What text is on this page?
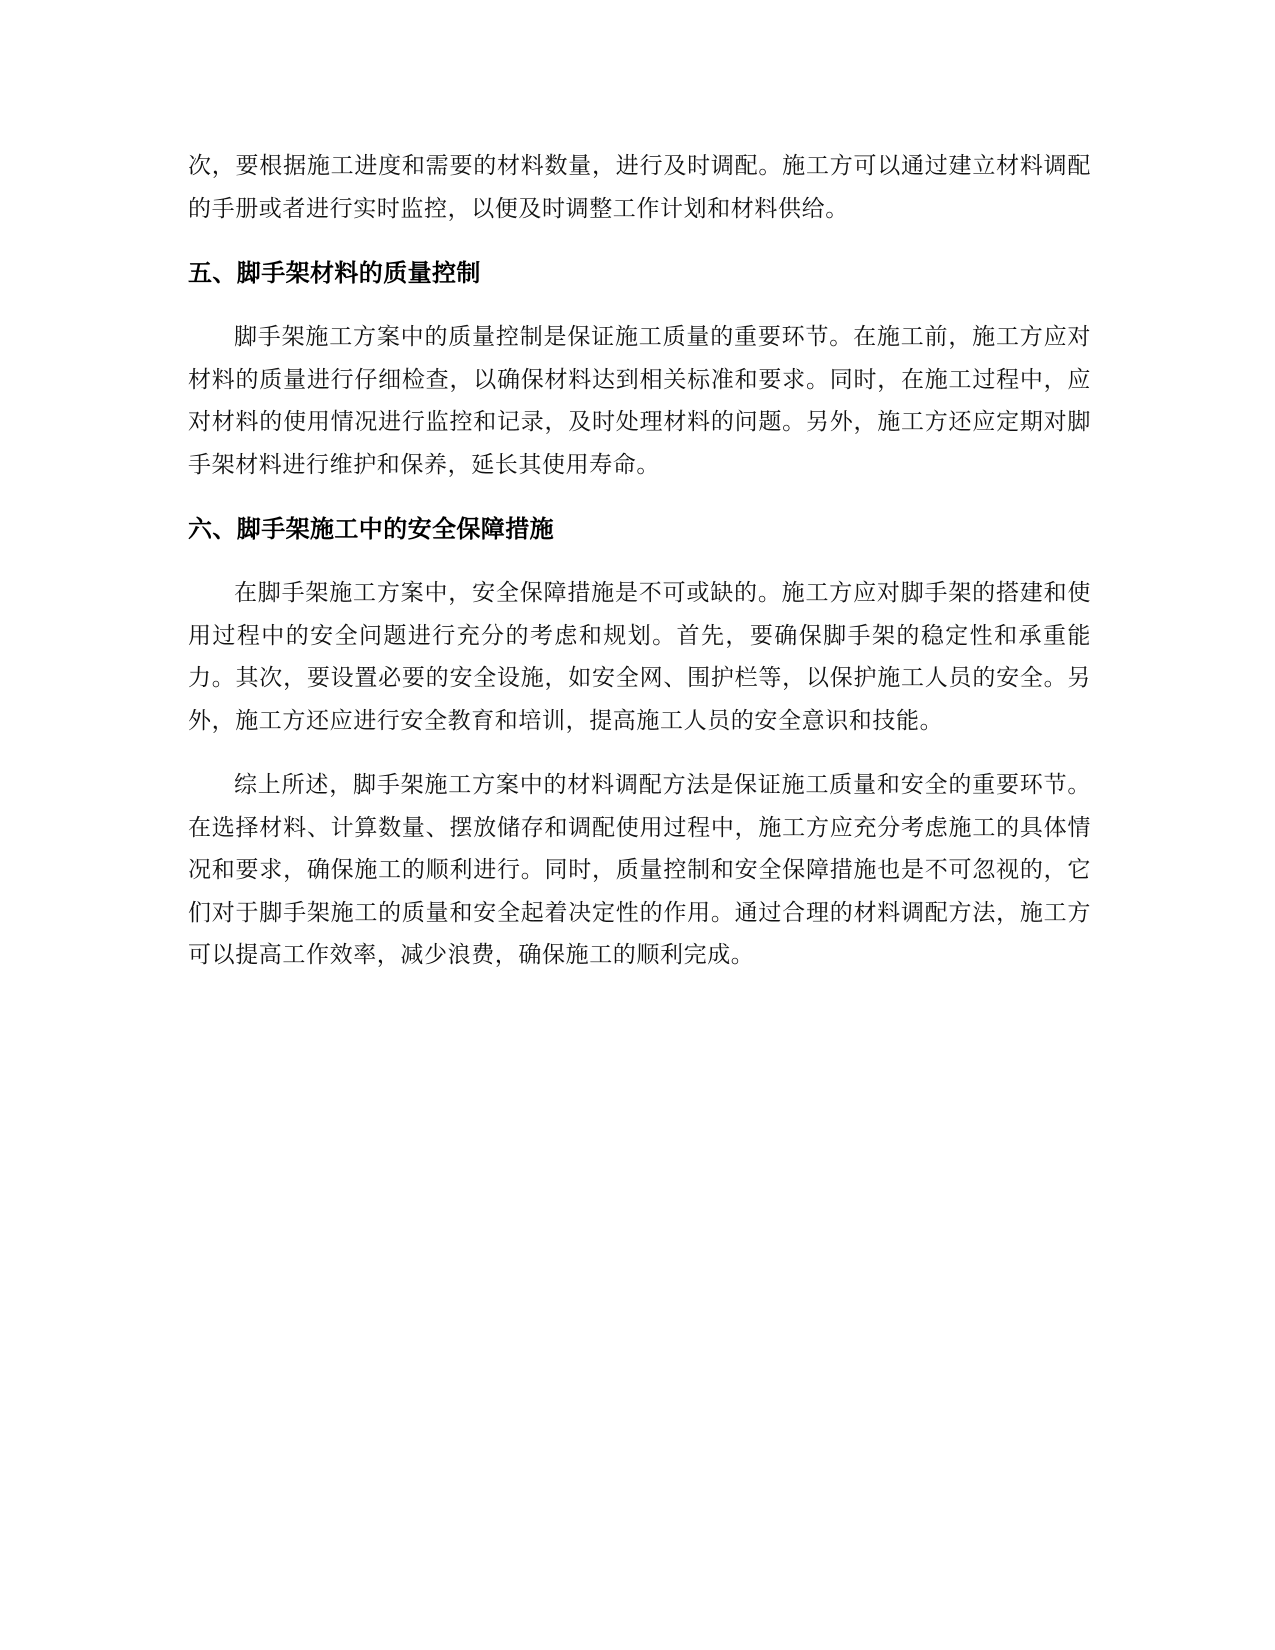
次，要根据施工进度和需要的材料数量，进行及时调配。施工方可以通过建立材料调配的手册或者进行实时监控，以便及时调整工作计划和材料供给。

五、脚手架材料的质量控制

脚手架施工方案中的质量控制是保证施工质量的重要环节。在施工前，施工方应对材料的质量进行仔细检查，以确保材料达到相关标准和要求。同时，在施工过程中，应对材料的使用情况进行监控和记录，及时处理材料的问题。另外，施工方还应定期对脚手架材料进行维护和保养，延长其使用寿命。

六、脚手架施工中的安全保障措施

在脚手架施工方案中，安全保障措施是不可或缺的。施工方应对脚手架的搭建和使用过程中的安全问题进行充分的考虑和规划。首先，要确保脚手架的稳定性和承重能力。其次，要设置必要的安全设施，如安全网、围护栏等，以保护施工人员的安全。另外，施工方还应进行安全教育和培训，提高施工人员的安全意识和技能。

综上所述，脚手架施工方案中的材料调配方法是保证施工质量和安全的重要环节。在选择材料、计算数量、摆放储存和调配使用过程中，施工方应充分考虑施工的具体情况和要求，确保施工的顺利进行。同时，质量控制和安全保障措施也是不可忽视的，它们对于脚手架施工的质量和安全起着决定性的作用。通过合理的材料调配方法，施工方可以提高工作效率，减少浪费，确保施工的顺利完成。
